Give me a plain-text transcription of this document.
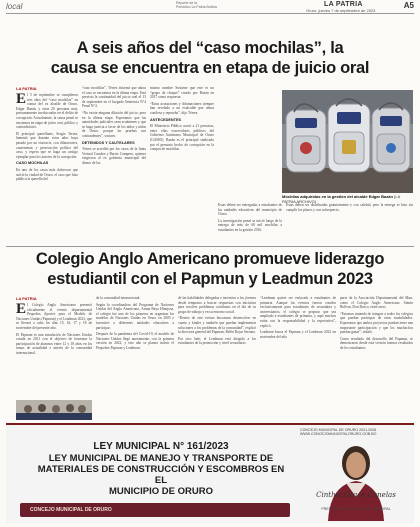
local	Reporte de la
Periódico La Patria Bolivia	LA PATRIA
Oruro, jueves 7 de septiembre de 2023
A5
A seis años del “caso mochilas”, la
causa se encuentra en etapa de juicio oral
LA PATRIA

El 5 de septiembre se cumplieron seis años del “caso mochilas” en contra del ex alcalde de Oruro, Edgar Bazán, y otras 20 personas más, presuntamente involucradas en el delito de corrupción. Actualmente, la causa penal se encuentra en etapa de juicio oral, público y contradictorio.

El principal querellante, Sergio Terrez, lamentó que durante estos años haya pasado por un viacrucis, con dilataciones, cuarentenas y persecución política del caso, y espera que se haga un castigo ejemplar para los autores de la corrupción.

CASO MOCHILAS

En uno de los casos más dolorosos que sufrió la ciudad de Oruro, el caso que hizo pública la querella del

“caso mochilas”, Térrez informó que ahora el caso se encuentra en la última etapa. Está previsto la continuidad del juicio oral el 13 de septiembre en el Juzgado Sentencia N°4 Penal N°4.

“No existe ninguna dilación del juicio, pero en la última etapa. Esperamos que las autoridades judiciales sean ecuánimes y que se haga justicia a favor de los niños y niñas de Oruro, porque las pruebas son contundentes”, sostuvo.

DETENIDOS Y CAUTELARES

Térrez se acreditó por los casos de la Junta Vecinal Cumbre y Barrio Campero, quienes exigieron al ex gobierno municipal del dinero de las

mismo nombre Sostiene que este es un “grupo de choque” creado por Bazán en 2017 como respuesta.

“Estas acusaciones y difamaciones siempre han revelado a un exalcalde que ahora confiesa y reprueba”, dijo Térrez.

ANTECEDENTES

El Ministerio Público acusó a 21 personas, entre ellas exservidores públicos del Gobierno Autónomo Municipal de Oruro (GAMO). Bazán es el principal sindicado por el presunto hecho de corrupción en la compra de mochilas.

Estas deben ser entregadas a estudiantes de las unidades educativas del municipio de Oruro.

La investigación penal se inició luego de la entrega de más de 60 mil mochilas a estudiantes en la gestión 2016.

Estas deben ser distribuidas gratuitamente y con calidad, pero la entrega se hizo sin cumplir los plazos y con sobreprecio.

Mochilas adquiridas en la gestión del alcalde Edgar Bazán (LA PATRIA ARCHIVO)
Colegio Anglo Americano promueve liderazgo
estudiantil con el Papmun y Leadmun 2023
LA PATRIA

El Colegio Anglo Americano presentó oficialmente el evento departamental Pequeños Aportes para el Modelo de Naciones Unidas (Papmun) y el Leadmun 2023, que se llevará a cabo los días 15, 16, 17 y 18 de noviembre del presente año.

El Papmun es una simulación de Naciones Unidas creada en 2011 con el objetivo de fomentar la participación de alumnos entre 12 y 18 años en los temas de actualidad e interés de la comunidad internacional.

de la comunidad internacional.

Según la coordinadora del Programa de Naciones Unidas del Anglo Americano, Aruna Baya Hinojosa, el colegio fue uno de los pioneros en organizar los modelos de Naciones Unidas en Oruro en 2003 e incentivó a diferentes unidades educativas a participar.

Después de la pandemia del Covid-19, el modelo de Naciones Unidas llegó nuevamente, con la primera versión en 2022, y este año se planea incluir el Pequeños Papmun y Leadmun.

de las habilidades delegadas e incentiva a los jóvenes desde temprano a buscar respuestas con iniciativa para resolver problemas cotidianos en el día de su grupo de trabajo y en su entorno social.

“Dentro de este evento buscamos desenvolver en cuarto y kínder y también que puedan implementar soluciones a los problemas de la comunidad”, explicó la directora general del Papmun, Belén Rojas Serrano.

Por otro lado, el Leadmun está dirigido a los estudiantes de la promoción y nivel secundario.

“Leadmun quiere ser enfocado a estudiantes de primaria. Aunque los eventos fueron creados exclusivamente para estudiantes de secundaria y universitarios, el colegio se propuso que sea ampliado a estudiantes de primaria, y aquí muchos están con la responsabilidad y la expectativa”, explicó.

Leadmun busca el Papmun y el Leadmun 2023 en noviembre del año

parte de la Asociación Departamental del Mun, como el Colegio Anglo Americano, Simón Bolívar, Don Bosco, entre otros.

“Estamos tratando de integrar a todos los colegios que puedan participar de estas modalidades. Esperamos que ambos proyectos puedan tener una importante participación y que los muchachos puedan ganar”, señaló.

Como resultado del desarrollo del Papmun, se demostraron desde esta versión buenos resultados de los estudiantes.

LEY MUNICIPAL N° 161/2023
LEY MUNICIPAL DE MANEJO Y TRANSPORTE DE
MATERIALES DE CONSTRUCCIÓN Y ESCOMBROS EN EL
MUNICIPIO DE ORURO
CONCEJO MUNICIPAL DE ORURO
CONCEJO MUNICIPAL DE ORURO 2021-2026
WWW.CONCEJOMUNICIPALORURO.GOB.BO
Cinthia Grace Canelas
PRESIDENTA DEL CONCEJO MUNICIPAL
